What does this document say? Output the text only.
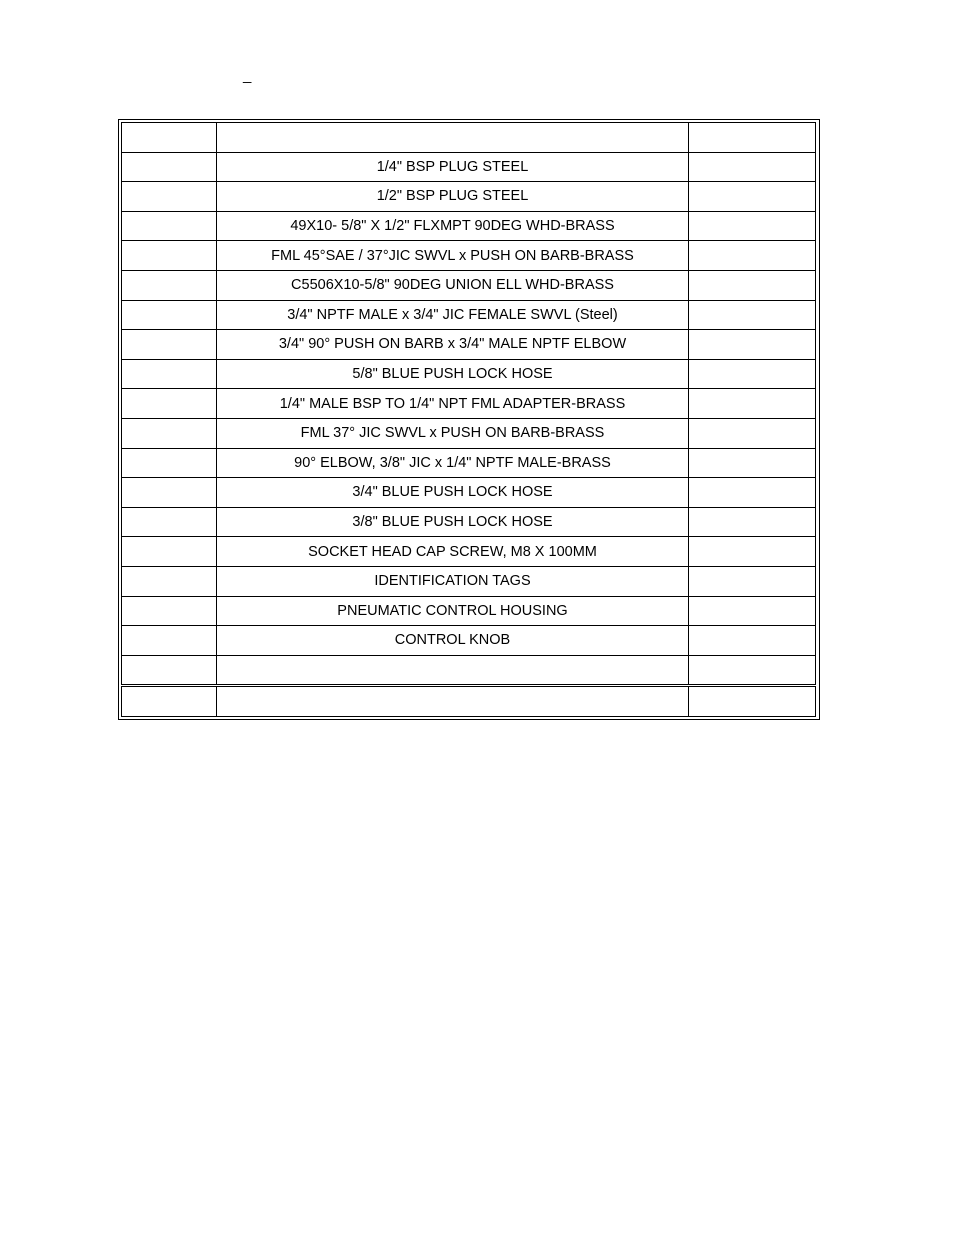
_

	1/4" BSP PLUG STEEL	
	1/2" BSP PLUG STEEL	
	49X10- 5/8" X 1/2" FLXMPT 90DEG WHD-BRASS	
	FML 45°SAE / 37°JIC SWVL x PUSH ON BARB-BRASS	
	C5506X10-5/8" 90DEG UNION ELL WHD-BRASS	
	3/4" NPTF MALE x 3/4" JIC FEMALE SWVL (Steel)	
	3/4" 90° PUSH ON BARB x 3/4" MALE NPTF ELBOW	
	5/8" BLUE PUSH LOCK HOSE	
	1/4" MALE BSP TO 1/4" NPT FML ADAPTER-BRASS	
	FML 37° JIC SWVL x PUSH ON BARB-BRASS	
	90° ELBOW, 3/8" JIC x 1/4" NPTF MALE-BRASS	
	3/4" BLUE PUSH LOCK HOSE	
	3/8" BLUE PUSH LOCK HOSE	
	SOCKET HEAD CAP SCREW, M8 X 100MM	
	IDENTIFICATION TAGS	
	PNEUMATIC CONTROL HOUSING	
	CONTROL KNOB	
